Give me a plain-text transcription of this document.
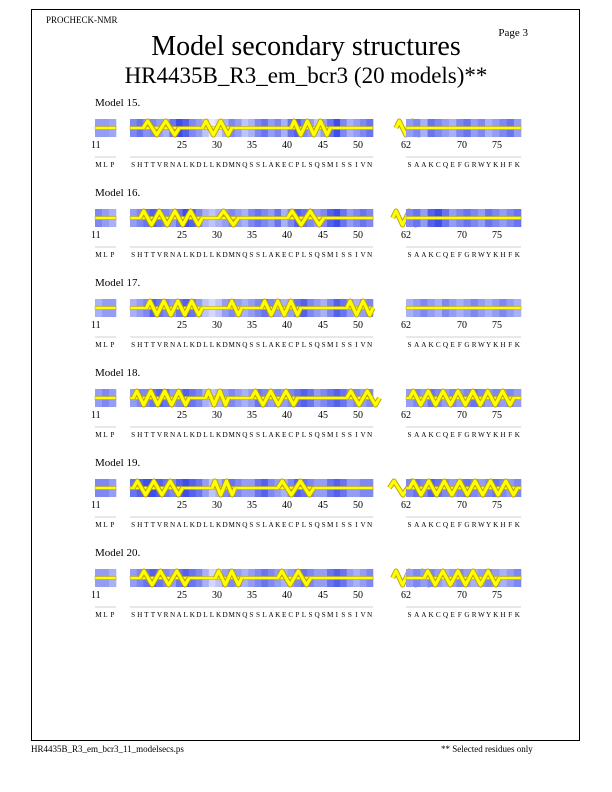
PROCHECK-NMR
Page 3
Model secondary structures
HR4435B_R3_em_bcr3 (20 models)**
Model 15.
11
M L P
25	30	35	40	45	50
S H T T V R N A L K D L L K D M N Q S S L A K E C P L S Q S M I S S I V N
62	70	75
S A A K C Q E F G R W Y K H F K
Model 16.
11
M L P
25	30	35	40	45	50
S H T T V R N A L K D L L K D M N Q S S L A K E C P L S Q S M I S S I V N
62	70	75
S A A K C Q E F G R W Y K H F K
Model 17.
11
M L P
25	30	35	40	45	50
S H T T V R N A L K D L L K D M N Q S S L A K E C P L S Q S M I S S I V N
62	70	75
S A A K C Q E F G R W Y K H F K
Model 18.
11
M L P
25	30	35	40	45	50
S H T T V R N A L K D L L K D M N Q S S L A K E C P L S Q S M I S S I V N
62	70	75
S A A K C Q E F G R W Y K H F K
Model 19.
11
M L P
25	30	35	40	45	50
S H T T V R N A L K D L L K D M N Q S S L A K E C P L S Q S M I S S I V N
62	70	75
S A A K C Q E F G R W Y K H F K
Model 20.
11
M L P
25	30	35	40	45	50
S H T T V R N A L K D L L K D M N Q S S L A K E C P L S Q S M I S S I V N
62	70	75
S A A K C Q E F G R W Y K H F K
HR4435B_R3_em_bcr3_11_modelsecs.ps	** Selected residues only
